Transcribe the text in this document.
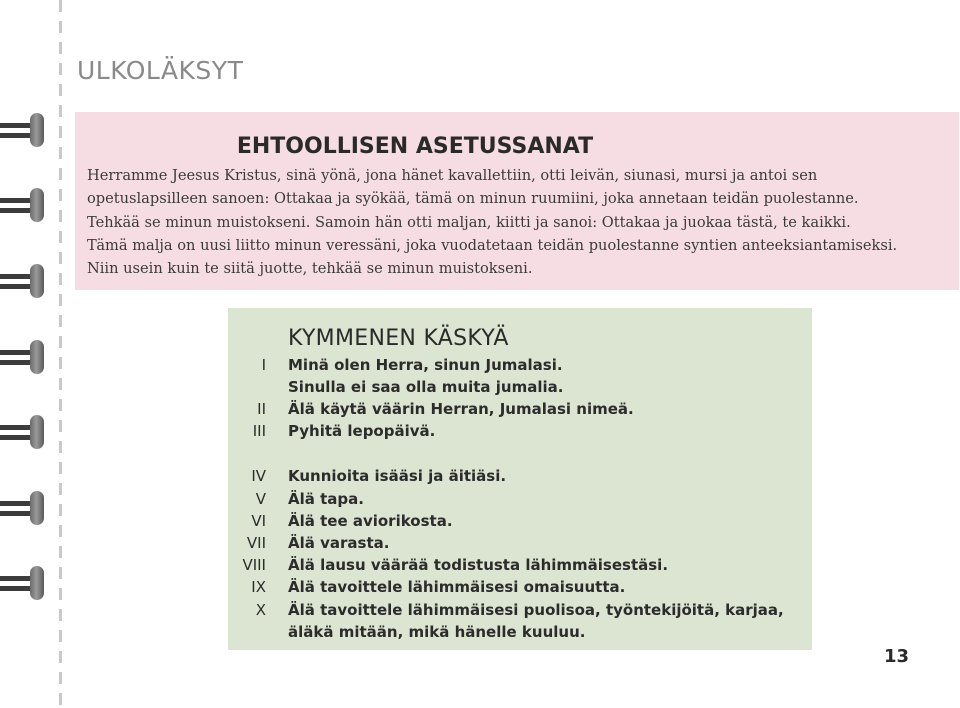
ULKOLÄKSYT
EHTOOLLISEN ASETUSSANAT
Herramme Jeesus Kristus, sinä yönä, jona hänet kavallettiin, otti leivän, siunasi, mursi ja antoi sen
opetuslapsilleen sanoen: Ottakaa ja syökää, tämä on minun ruumiini, joka annetaan teidän puolestanne.
Tehkää se minun muistokseni. Samoin hän otti maljan, kiitti ja sanoi: Ottakaa ja juokaa tästä, te kaikki.
Tämä malja on uusi liitto minun veressäni, joka vuodatetaan teidän puolestanne syntien anteeksiantamiseksi.
Niin usein kuin te siitä juotte, tehkää se minun muistokseni.
KYMMENEN KÄSKYÄ
I Minä olen Herra, sinun Jumalasi.
Sinulla ei saa olla muita jumalia.
II Älä käytä väärin Herran, Jumalasi nimeä.
III Pyhitä lepopäivä.
IV Kunnioita isääsi ja äitiäsi.
V Älä tapa.
VI Älä tee aviorikosta.
VII Älä varasta.
VIII Älä lausu väärää todistusta lähimmäisestäsi.
IX Älä tavoittele lähimmäisesi omaisuutta.
X Älä tavoittele lähimmäisesi puolisoa, työntekijöitä, karjaa,
äläkä mitään, mikä hänelle kuuluu.
13
